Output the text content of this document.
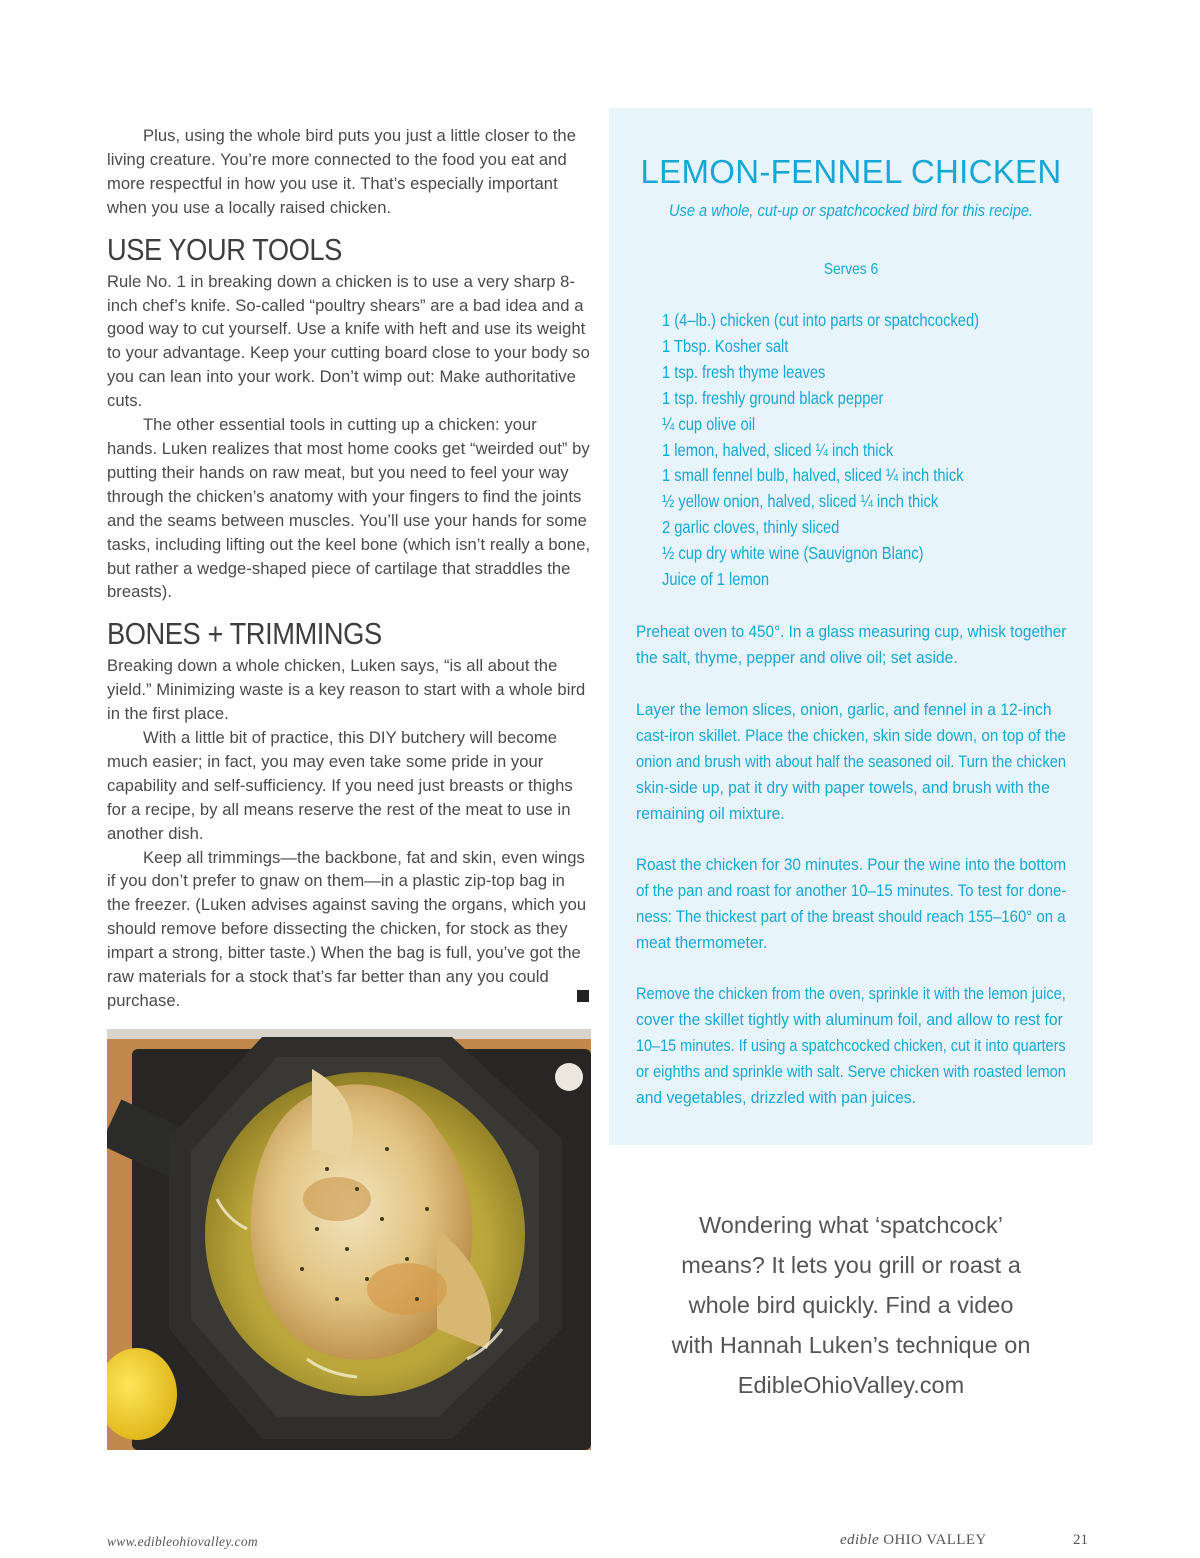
Plus, using the whole bird puts you just a little closer to the living creature. You’re more connected to the food you eat and more respectful in how you use it. That’s especially important when you use a locally raised chicken.

USE YOUR TOOLS

Rule No. 1 in breaking down a chicken is to use a very sharp 8-inch chef’s knife. So-called “poultry shears” are a bad idea and a good way to cut yourself. Use a knife with heft and use its weight to your advantage. Keep your cutting board close to your body so you can lean into your work. Don’t wimp out: Make authoritative cuts.

The other essential tools in cutting up a chicken: your hands. Luken realizes that most home cooks get “weirded out” by putting their hands on raw meat, but you need to feel your way through the chicken’s anatomy with your fingers to find the joints and the seams between muscles. You’ll use your hands for some tasks, including lifting out the keel bone (which isn’t really a bone, but rather a wedge-shaped piece of cartilage that straddles the breasts).

BONES + TRIMMINGS

Breaking down a whole chicken, Luken says, “is all about the yield.” Minimizing waste is a key reason to start with a whole bird in the first place.

With a little bit of practice, this DIY butchery will become much easier; in fact, you may even take some pride in your capability and self-sufficiency. If you need just breasts or thighs for a recipe, by all means reserve the rest of the meat to use in another dish.

Keep all trimmings—the backbone, fat and skin, even wings if you don’t prefer to gnaw on them—in a plastic zip-top bag in the freezer. (Luken advises against saving the organs, which you should remove before dissecting the chicken, for stock as they impart a strong, bitter taste.) When the bag is full, you’ve got the raw materials for a stock that’s far better than any you could purchase.

LEMON-FENNEL CHICKEN

Use a whole, cut-up or spatchcocked bird for this recipe.

Serves 6

1 (4–lb.) chicken (cut into parts or spatchcocked)
1 Tbsp. Kosher salt
1 tsp. fresh thyme leaves
1 tsp. freshly ground black pepper
¼ cup olive oil
1 lemon, halved, sliced ¼ inch thick
1 small fennel bulb, halved, sliced ¼ inch thick
½ yellow onion, halved, sliced ¼ inch thick
2 garlic cloves, thinly sliced
½ cup dry white wine (Sauvignon Blanc)
Juice of 1 lemon

Wondering what ‘spatchcock’
means? It lets you grill or roast a
whole bird quickly. Find a video
with Hannah Luken’s technique on
EdibleOhioValley.com

www.edibleohiovalley.com	edible OHIO VALLEY	21
